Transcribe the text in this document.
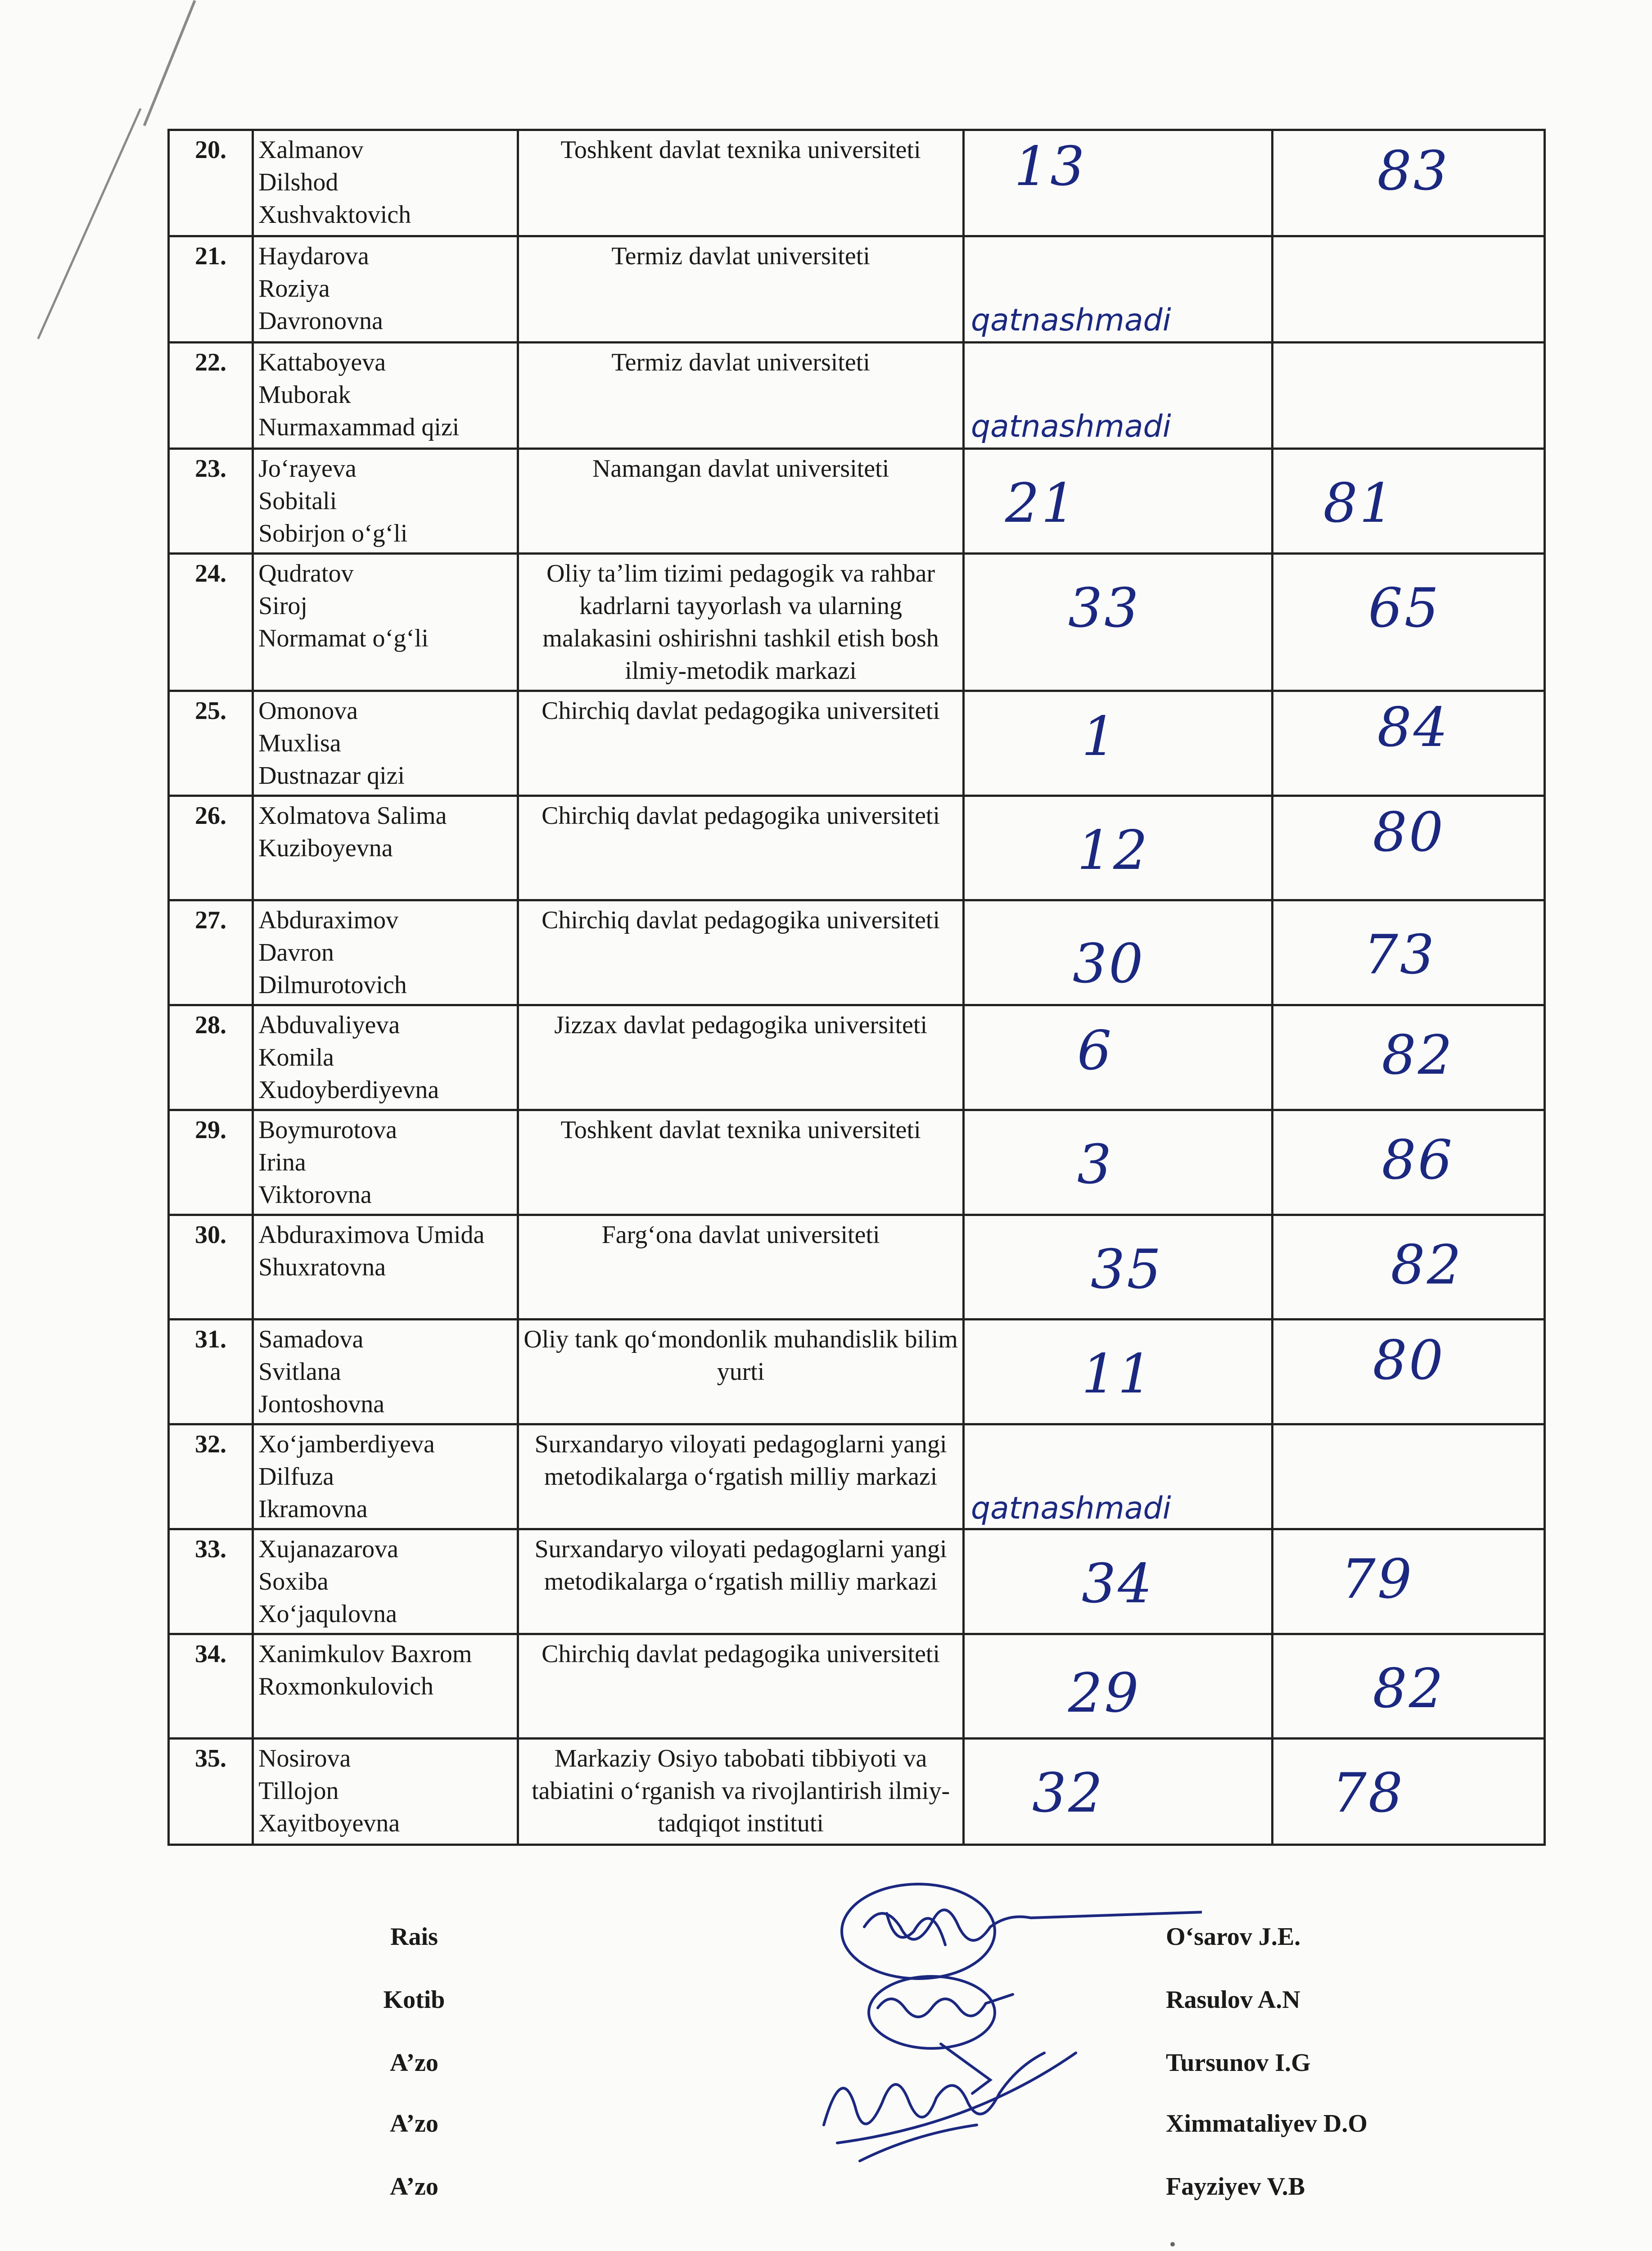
20.	Xalmanov
Dilshod
Xushvaktovich	Toshkent davlat texnika universiteti	13	83

21.	Haydarova
Roziya
Davronovna	Termiz davlat universiteti	qatnashmadi	

22.	Kattaboyeva
Muborak
Nurmaxammad qizi	Termiz davlat universiteti	qatnashmadi	

23.	Jo‘rayeva
Sobitali
Sobirjon o‘g‘li	Namangan davlat universiteti	21	81

24.	Qudratov
Siroj
Normamat o‘g‘li	Oliy ta’lim tizimi pedagogik va rahbar kadrlarni tayyorlash va ularning malakasini oshirishni tashkil etish bosh ilmiy-metodik markazi	33	65

25.	Omonova
Muxlisa
Dustnazar qizi	Chirchiq davlat pedagogika universiteti	1	84

26.	Xolmatova Salima
Kuziboyevna	Chirchiq davlat pedagogika universiteti	12	80

27.	Abduraximov
Davron
Dilmurotovich	Chirchiq davlat pedagogika universiteti	30	73

28.	Abduvaliyeva
Komila
Xudoyberdiyevna	Jizzax davlat pedagogika universiteti	6	82

29.	Boymurotova
Irina
Viktorovna	Toshkent davlat texnika universiteti	3	86

30.	Abduraximova Umida
Shuxratovna	Farg‘ona davlat universiteti	35	82

31.	Samadova
Svitlana
Jontoshovna	Oliy tank qo‘mondonlik muhandislik bilim yurti	11	80

32.	Xo‘jamberdiyeva
Dilfuza
Ikramovna	Surxandaryo viloyati pedagoglarni yangi metodikalarga o‘rgatish milliy markazi	qatnashmadi	

33.	Xujanazarova
Soxiba
Xo‘jaqulovna	Surxandaryo viloyati pedagoglarni yangi metodikalarga o‘rgatish milliy markazi	34	79

34.	Xanimkulov Baxrom
Roxmonkulovich	Chirchiq davlat pedagogika universiteti	29	82

35.	Nosirova
Tillojon
Xayitboyevna	Markaziy Osiyo tabobati tibbiyoti va tabiatini o‘rganish va rivojlantirish ilmiy-tadqiqot instituti	32	78
Rais	O‘sarov J.E.
Kotib	Rasulov A.N
A’zo	Tursunov I.G
A’zo	Ximmataliyev D.O
A’zo	Fayziyev V.B
